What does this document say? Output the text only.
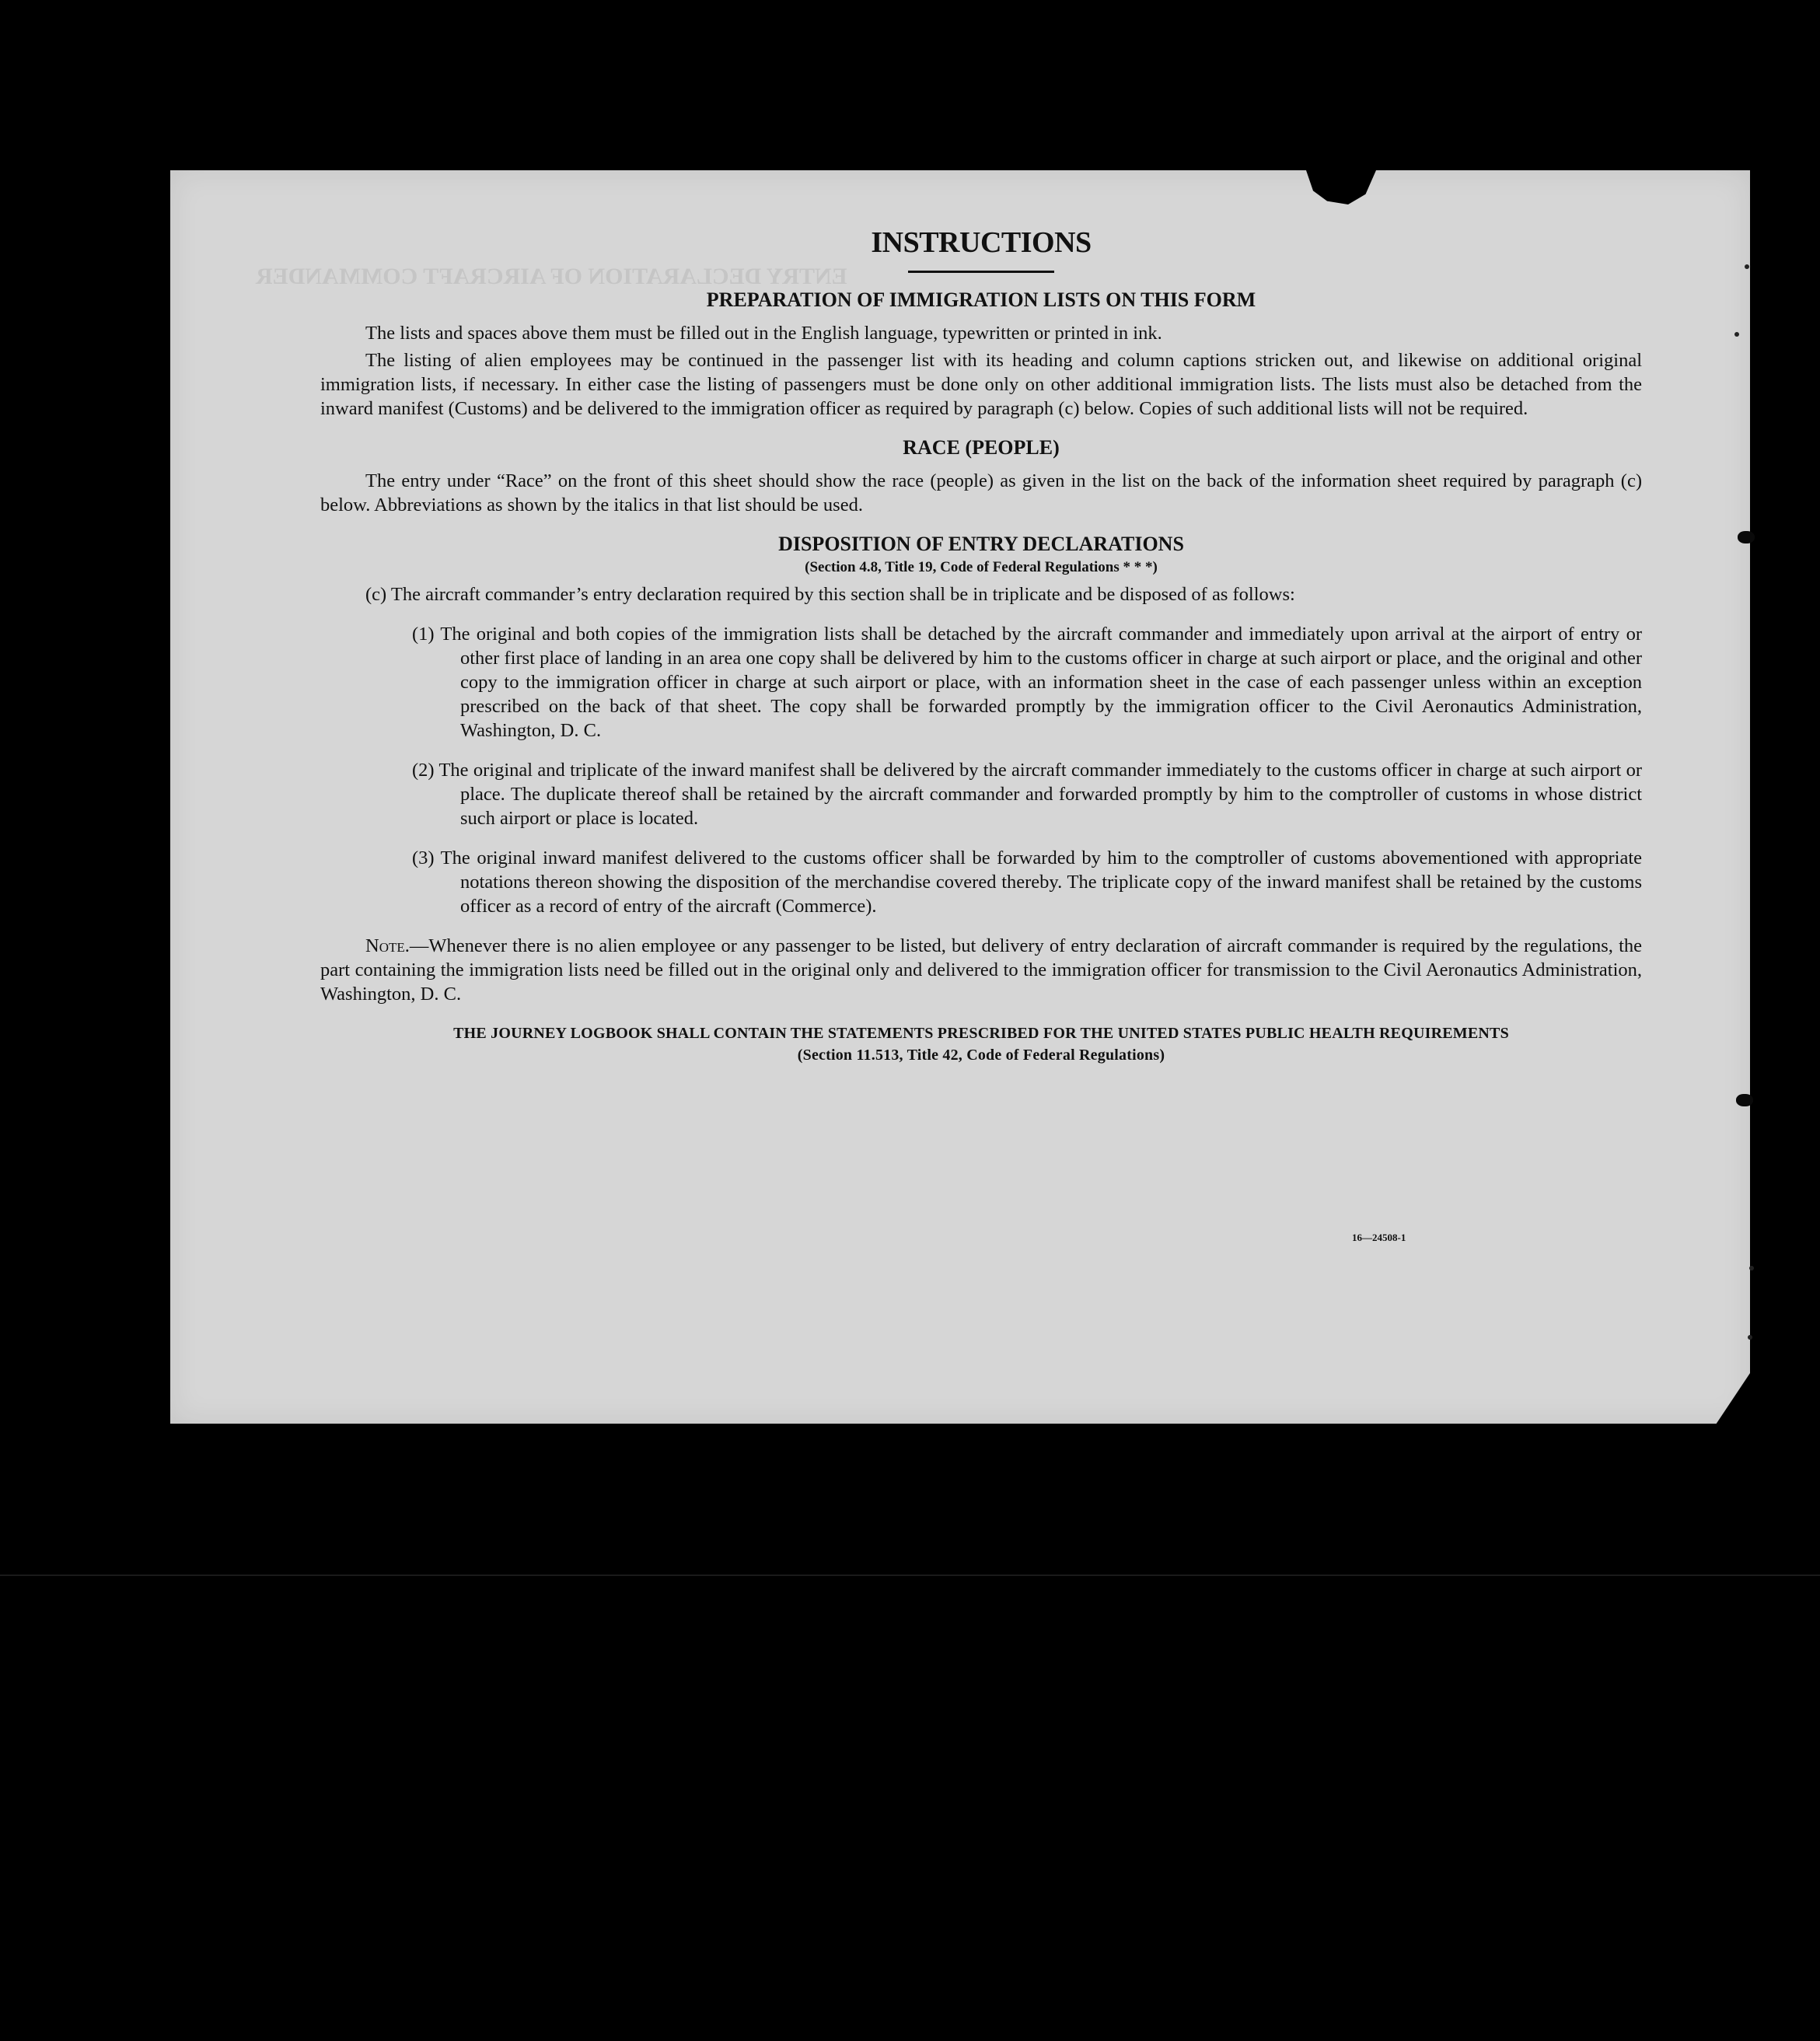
ENTRY DECLARATION OF AIRCRAFT COMMANDER
INSTRUCTIONS
PREPARATION OF IMMIGRATION LISTS ON THIS FORM

The lists and spaces above them must be filled out in the English language, typewritten or printed in ink.

The listing of alien employees may be continued in the passenger list with its heading and column captions stricken out, and likewise on additional original immigration lists, if necessary. In either case the listing of passengers must be done only on other additional immigration lists. The lists must also be detached from the inward manifest (Customs) and be delivered to the immigration officer as required by paragraph (c) below. Copies of such additional lists will not be required.

RACE (PEOPLE)

The entry under “Race” on the front of this sheet should show the race (people) as given in the list on the back of the information sheet required by paragraph (c) below. Abbreviations as shown by the italics in that list should be used.

DISPOSITION OF ENTRY DECLARATIONS
(Section 4.8, Title 19, Code of Federal Regulations * * *)

(c) The aircraft commander’s entry declaration required by this section shall be in triplicate and be disposed of as follows:

(1) The original and both copies of the immigration lists shall be detached by the aircraft commander and immediately upon arrival at the airport of entry or other first place of landing in an area one copy shall be delivered by him to the customs officer in charge at such airport or place, and the original and other copy to the immigration officer in charge at such airport or place, with an information sheet in the case of each passenger unless within an exception prescribed on the back of that sheet. The copy shall be forwarded promptly by the immigration officer to the Civil Aeronautics Administration, Washington, D. C.

(2) The original and triplicate of the inward manifest shall be delivered by the aircraft commander immediately to the customs officer in charge at such airport or place. The duplicate thereof shall be retained by the aircraft commander and forwarded promptly by him to the comptroller of customs in whose district such airport or place is located.

(3) The original inward manifest delivered to the customs officer shall be forwarded by him to the comptroller of customs abovementioned with appropriate notations thereon showing the disposition of the merchandise covered thereby. The triplicate copy of the inward manifest shall be retained by the customs officer as a record of entry of the aircraft (Commerce).

Note.—Whenever there is no alien employee or any passenger to be listed, but delivery of entry declaration of aircraft commander is required by the regulations, the part containing the immigration lists need be filled out in the original only and delivered to the immigration officer for transmission to the Civil Aeronautics Administration, Washington, D. C.

THE JOURNEY LOGBOOK SHALL CONTAIN THE STATEMENTS PRESCRIBED FOR THE UNITED STATES PUBLIC HEALTH REQUIREMENTS
(Section 11.513, Title 42, Code of Federal Regulations)
16—24508-1
